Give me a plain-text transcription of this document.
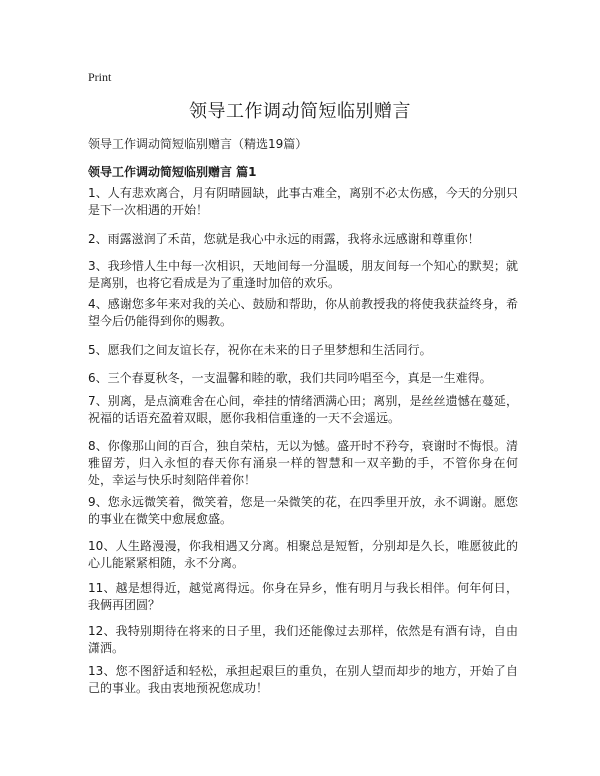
Print
领导工作调动简短临别赠言
领导工作调动简短临别赠言（精选19篇）
领导工作调动简短临别赠言 篇1
1、人有悲欢离合，月有阴晴圆缺，此事古难全，离别不必太伤感，今天的分别只是下一次相遇的开始！
2、雨露滋润了禾苗，您就是我心中永远的雨露，我将永远感谢和尊重你！
3、我珍惜人生中每一次相识，天地间每一分温暖，朋友间每一个知心的默契；就是离别，也将它看成是为了重逢时加倍的欢乐。
4、感谢您多年来对我的关心、鼓励和帮助，你从前教授我的将使我获益终身，希望今后仍能得到你的赐教。
5、愿我们之间友谊长存，祝你在未来的日子里梦想和生活同行。
6、三个春夏秋冬，一支温馨和睦的歌，我们共同吟唱至今，真是一生难得。
7、别离，是点滴难舍在心间，牵挂的情绪洒满心田；离别，是丝丝遗憾在蔓延，祝福的话语充盈着双眼，愿你我相信重逢的一天不会遥远。
8、你像那山间的百合，独自荣枯，无以为憾。盛开时不矜夸，衰谢时不悔恨。清雅留芳，归入永恒的春天你有涌泉一样的智慧和一双辛勤的手，不管你身在何处，幸运与快乐时刻陪伴着你！
9、您永远微笑着，微笑着，您是一朵微笑的花，在四季里开放，永不调谢。愿您的事业在微笑中愈展愈盛。
10、人生路漫漫，你我相遇又分离。相聚总是短暂，分别却是久长，唯愿彼此的心儿能紧紧相随，永不分离。
11、越是想得近，越觉离得远。你身在异乡，惟有明月与我长相伴。何年何日，我俩再团圆？
12、我特别期待在将来的日子里，我们还能像过去那样，依然是有酒有诗，自由潇洒。
13、您不图舒适和轻松，承担起艰巨的重负，在别人望而却步的地方，开始了自己的事业。我由衷地预祝您成功！
